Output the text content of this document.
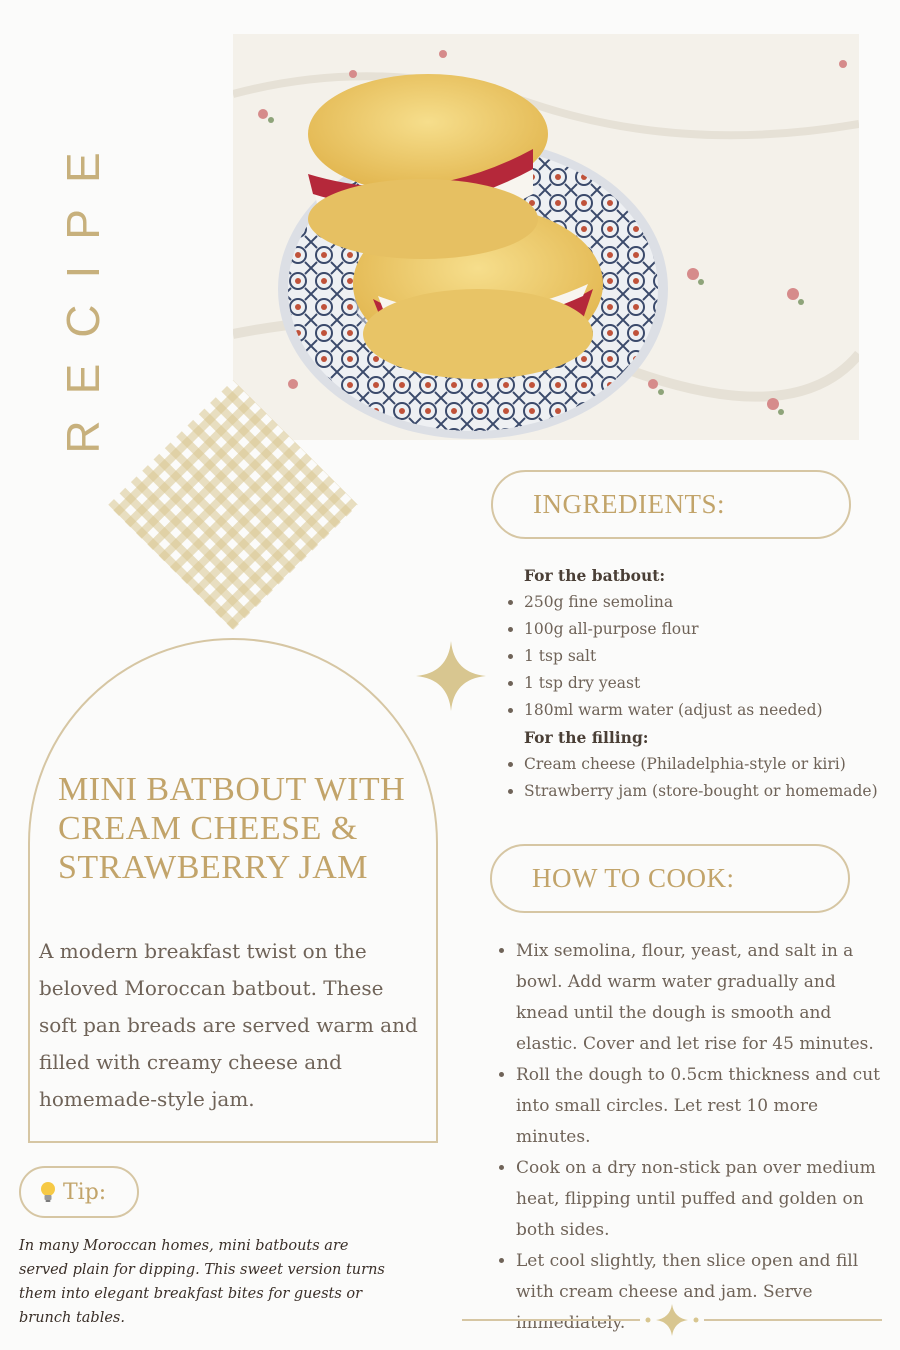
RECIPE
MINI BATBOUT WITH CREAM CHEESE & STRAWBERRY JAM

A modern breakfast twist on the beloved Moroccan batbout. These soft pan breads are served warm and filled with creamy cheese and homemade-style jam.

INGREDIENTS:
For the batbout:
• 250g fine semolina
• 100g all-purpose flour
• 1 tsp salt
• 1 tsp dry yeast
• 180ml warm water (adjust as needed)
For the filling:
• Cream cheese (Philadelphia-style or kiri)
• Strawberry jam (store-bought or homemade)
HOW TO COOK:
• Mix semolina, flour, yeast, and salt in a bowl. Add warm water gradually and knead until the dough is smooth and elastic. Cover and let rise for 45 minutes.
• Roll the dough to 0.5cm thickness and cut into small circles. Let rest 10 more minutes.
• Cook on a dry non-stick pan over medium heat, flipping until puffed and golden on both sides.
• Let cool slightly, then slice open and fill with cream cheese and jam. Serve immediately.
Tip:

In many Moroccan homes, mini batbouts are served plain for dipping. This sweet version turns them into elegant breakfast bites for guests or brunch tables.
